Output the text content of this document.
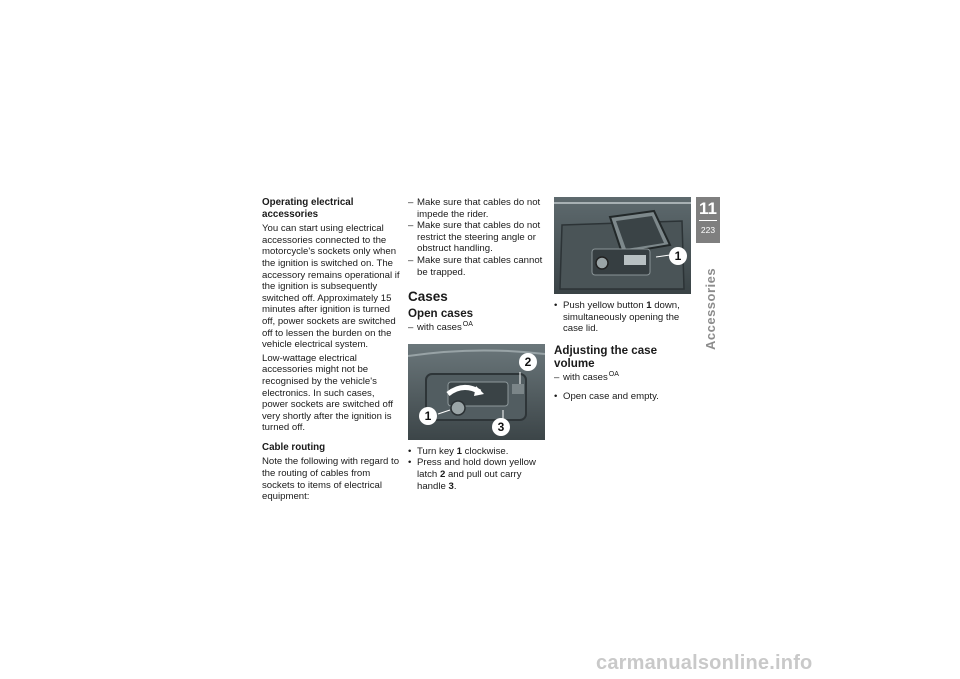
Operating electrical accessories

You can start using electrical accessories connected to the motorcycle's sockets only when the ignition is switched on. The accessory remains operational if the ignition is subsequently switched off. Approximately 15 minutes after ignition is turned off, power sockets are switched off to lessen the burden on the vehicle electrical system.

Low-wattage electrical accessories might not be recognised by the vehicle's electronics. In such cases, power sockets are switched off very shortly after the ignition is turned off.

Cable routing

Note the following with regard to the routing of cables from sockets to items of electrical equipment:

– Make sure that cables do not impede the rider.
– Make sure that cables do not restrict the steering angle or obstruct handling.
– Make sure that cables cannot be trapped.
Cases
Open cases
– with cases$^{OA}$
1
2
3
• Turn key 1 clockwise.
• Press and hold down yellow latch 2 and pull out carry handle 3.
1
• Push yellow button 1 down, simultaneously opening the case lid.
Adjusting the case volume
– with cases$^{OA}$
• Open case and empty.
11
223
Accessories
carmanualsonline.info
